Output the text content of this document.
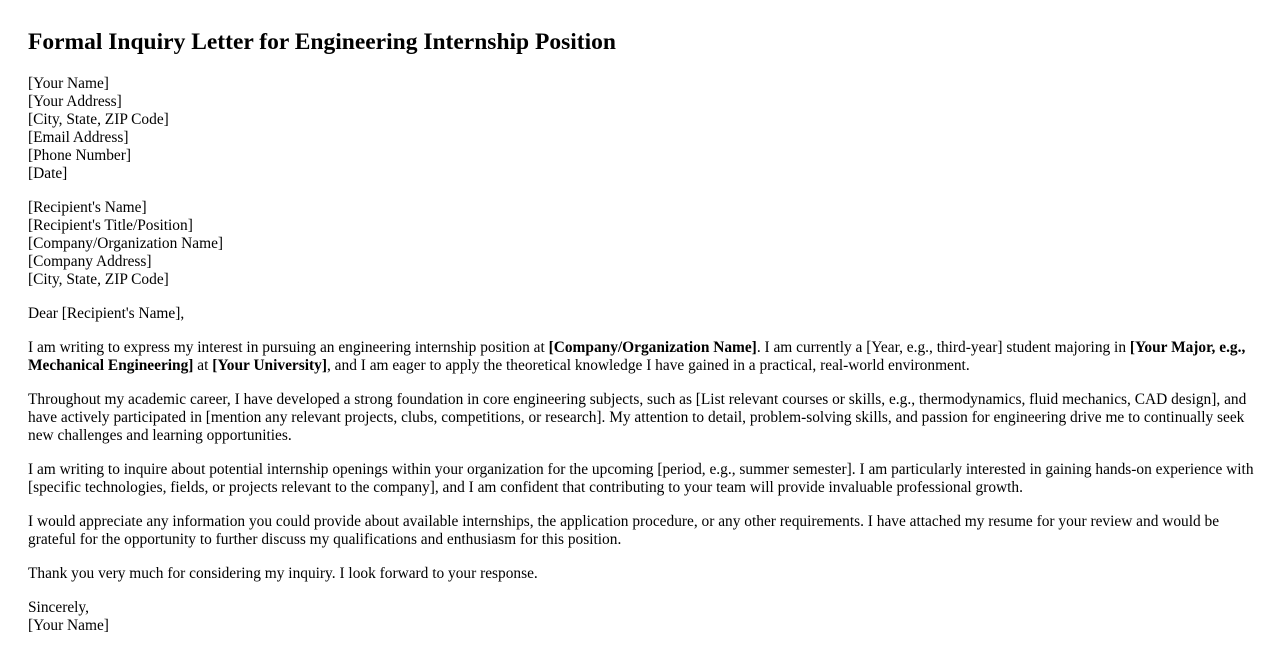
Formal Inquiry Letter for Engineering Internship Position
[Your Name]
[Your Address]
[City, State, ZIP Code]
[Email Address]
[Phone Number]
[Date]
[Recipient's Name]
[Recipient's Title/Position]
[Company/Organization Name]
[Company Address]
[City, State, ZIP Code]

Dear [Recipient's Name],

I am writing to express my interest in pursuing an engineering internship position at [Company/Organization Name]. I am currently a [Year, e.g., third-year] student majoring in [Your Major, e.g., Mechanical Engineering] at [Your University], and I am eager to apply the theoretical knowledge I have gained in a practical, real-world environment.

Throughout my academic career, I have developed a strong foundation in core engineering subjects, such as [List relevant courses or skills, e.g., thermodynamics, fluid mechanics, CAD design], and have actively participated in [mention any relevant projects, clubs, competitions, or research]. My attention to detail, problem-solving skills, and passion for engineering drive me to continually seek new challenges and learning opportunities.

I am writing to inquire about potential internship openings within your organization for the upcoming [period, e.g., summer semester]. I am particularly interested in gaining hands-on experience with [specific technologies, fields, or projects relevant to the company], and I am confident that contributing to your team will provide invaluable professional growth.

I would appreciate any information you could provide about available internships, the application procedure, or any other requirements. I have attached my resume for your review and would be grateful for the opportunity to further discuss my qualifications and enthusiasm for this position.

Thank you very much for considering my inquiry. I look forward to your response.

Sincerely,
[Your Name]
